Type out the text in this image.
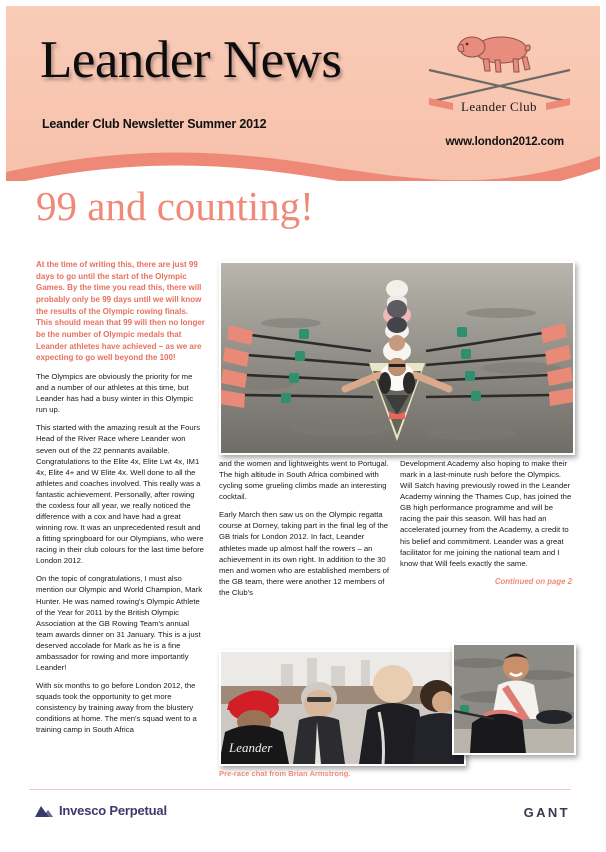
Leander News
Leander Club Newsletter Summer 2012
www.london2012.com
Leander Club
99 and counting!
Leander
Pre-race chat from Brian Armstrong.

At the time of writing this, there are just 99 days to go until the start of the Olympic Games. By the time you read this, there will probably only be 99 days until we will know the results of the Olympic rowing finals. This should mean that 99 will then no longer be the number of Olympic medals that Leander athletes have achieved – as we are expecting to go well beyond the 100!

The Olympics are obviously the priority for me and a number of our athletes at this time, but Leander has had a busy winter in this Olympic run up.

This started with the amazing result at the Fours Head of the River Race where Leander won seven out of the 22 pennants available. Congratulations to the Elite 4x, Elite Lwt 4x, IM1 4x, Elite 4+ and W Elite 4x. Well done to all the athletes and coaches involved. This really was a fantastic achievement. Personally, after rowing the coxless four all year, we really noticed the difference with a cox and have had a great winning row. It was an unprecedented result and a fitting springboard for our Olympians, who were racing in their club colours for the last time before London 2012.

On the topic of congratulations, I must also mention our Olympic and World Champion, Mark Hunter. He was named rowing's Olympic Athlete of the Year for 2011 by the British Olympic Association at the GB Rowing Team's annual team awards dinner on 31 January. This is a just deserved accolade for Mark as he is a fine ambassador for rowing and more importantly Leander!

With six months to go before London 2012, the squads took the opportunity to get more consistency by training away from the blustery conditions at home. The men's squad went to a training camp in South Africa

and the women and lightweights went to Portugal. The high altitude in South Africa combined with cycling some grueling climbs made an interesting cocktail.

Early March then saw us on the Olympic regatta course at Dorney, taking part in the final leg of the GB trials for London 2012. In fact, Leander athletes made up almost half the rowers – an achievement in its own right. In addition to the 30 men and women who are established members of the GB team, there were another 12 members of the Club's

Development Academy also hoping to make their mark in a last-minute rush before the Olympics. Will Satch having previously rowed in the Leander Academy winning the Thames Cup, has joined the GB high performance programme and will be racing the pair this season. Will has had an accelerated journey from the Academy, a credit to his belief and commitment. Leander was a great facilitator for me joining the national team and I know that Will feels exactly the same.

Continued on page 2

Invesco Perpetual	GANT
